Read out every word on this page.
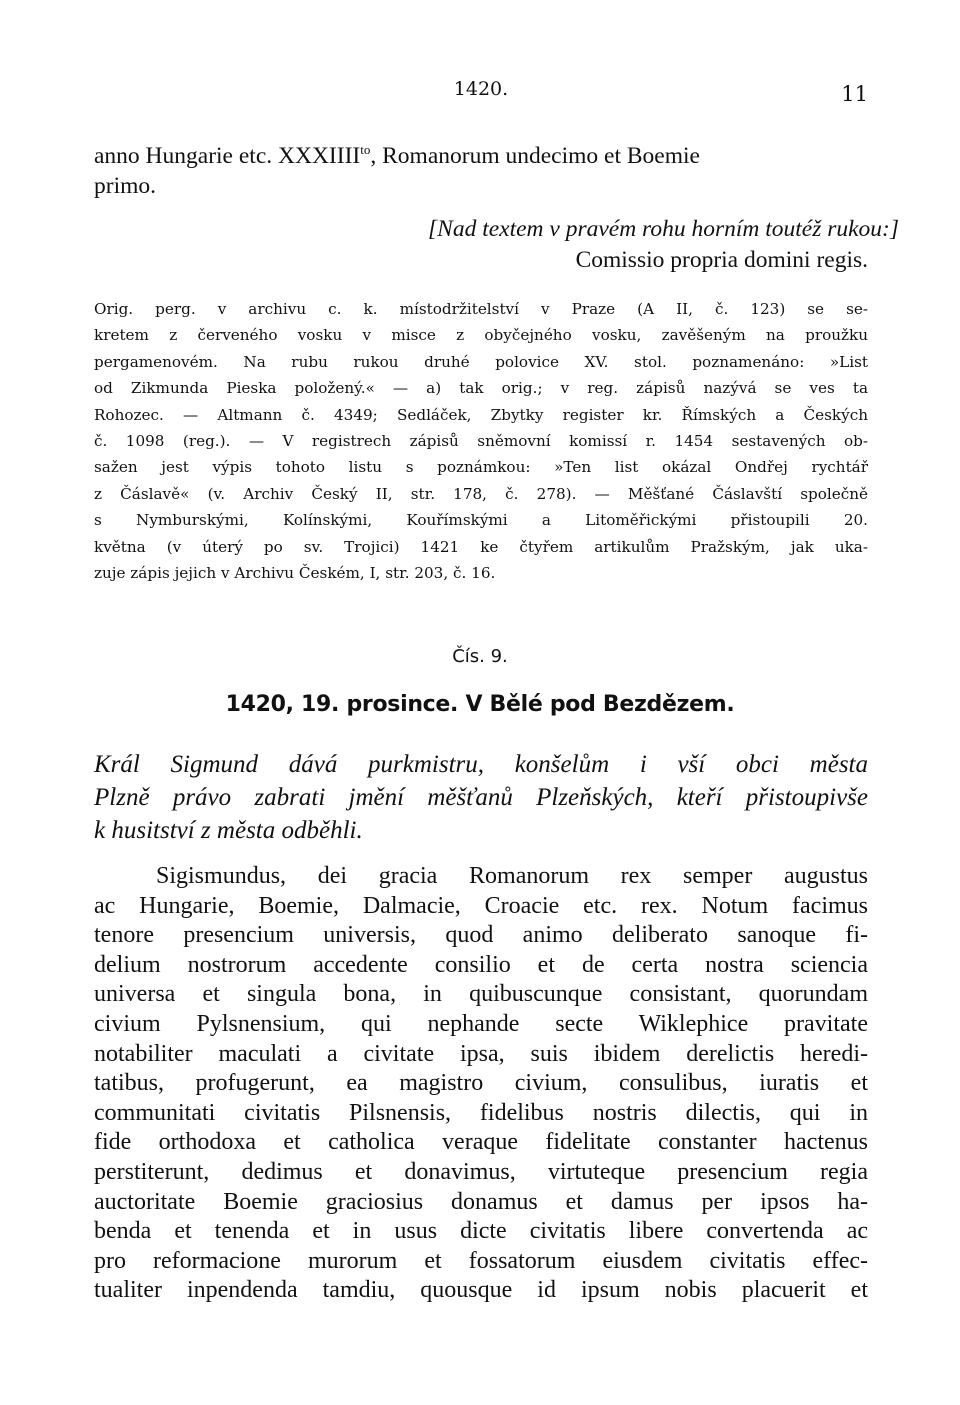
1420.	11
anno Hungarie etc. $XXXIIII^{to}$, Romanorum undecimo et Boemie
primo.
[Nad textem v pravém rohu horním toutéž rukou:]
Comissio propria domini regis.
Orig. perg. v archivu c. k. místodržitelství v Praze (A II, č. 123) se se-
kretem z červeného vosku v misce z obyčejného vosku, zavěšeným na proužku
pergamenovém. Na rubu rukou druhé polovice XV. stol. poznamenáno: »List
od Zikmunda Pieska položený.« — a) tak orig.; v reg. zápisů nazývá se ves ta
Rohozec. — Altmann č. 4349; Sedláček, Zbytky register kr. Římských a Českých
č. 1098 (reg.). — V registrech zápisů sněmovní komissí r. 1454 sestavených ob-
sažen jest výpis tohoto listu s poznámkou: »Ten list okázal Ondřej rychtář
z Čáslavě« (v. Archiv Český II, str. 178, č. 278). — Měšťané Čáslavští společně
s Nymburskými, Kolínskými, Kouřímskými a Litoměřickými přistoupili 20.
května (v úterý po sv. Trojici) 1421 ke čtyřem artikulům Pražským, jak uka-
zuje zápis jejich v Archivu Českém, I, str. 203, č. 16.
Čís. 9.
1420, 19. prosince. V Bělé pod Bezdězem.
Král Sigmund dává purkmistru, konšelům i vší obci města
Plzně právo zabrati jmění měšťanů Plzeňských, kteří přistoupivše
k husitství z města odběhli.
Sigismundus, dei gracia Romanorum rex semper augustus
ac Hungarie, Boemie, Dalmacie, Croacie etc. rex. Notum facimus
tenore presencium universis, quod animo deliberato sanoque fi-
delium nostrorum accedente consilio et de certa nostra sciencia
universa et singula bona, in quibuscunque consistant, quorundam
civium Pylsnensium, qui nephande secte Wiklephice pravitate
notabiliter maculati a civitate ipsa, suis ibidem derelictis heredi-
tatibus, profugerunt, ea magistro civium, consulibus, iuratis et
communitati civitatis Pilsnensis, fidelibus nostris dilectis, qui in
fide orthodoxa et catholica veraque fidelitate constanter hactenus
perstiterunt, dedimus et donavimus, virtuteque presencium regia
auctoritate Boemie graciosius donamus et damus per ipsos ha-
benda et tenenda et in usus dicte civitatis libere convertenda ac
pro reformacione murorum et fossatorum eiusdem civitatis effec-
tualiter inpendenda tamdiu, quousque id ipsum nobis placuerit et
